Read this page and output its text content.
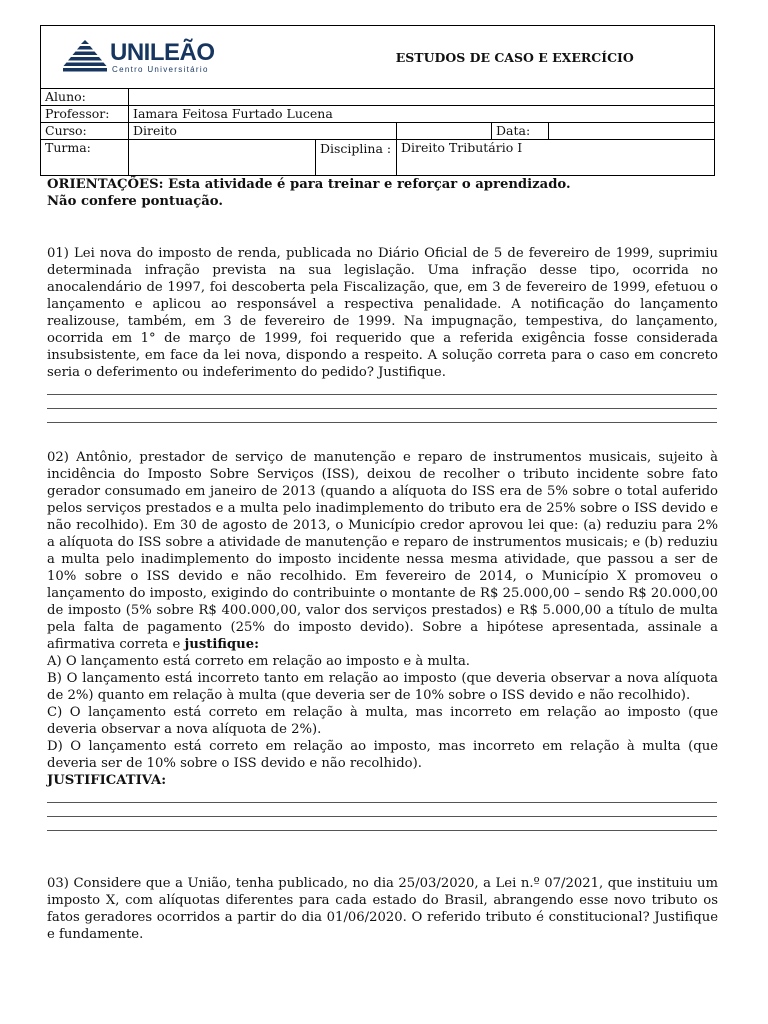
UNILEÃO
Centro Universitário		ESTUDOS DE CASO E EXERCÍCIO			
Aluno:					
Professor:	Iamara Feitosa Furtado Lucena				
Curso:	Direito			Data:	
Turma:		Disciplina :	Direito Tributário I		

ORIENTAÇÕES: Esta atividade é para treinar e reforçar o aprendizado.

Não confere pontuação.

01) Lei nova do imposto de renda, publicada no Diário Oficial de 5 de fevereiro de 1999, suprimiu determinada infração prevista na sua legislação. Uma infração desse tipo, ocorrida no anocalendário de 1997, foi descoberta pela Fiscalização, que, em 3 de fevereiro de 1999, efetuou o lançamento e aplicou ao responsável a respectiva penalidade. A notificação do lançamento realizouse, também, em 3 de fevereiro de 1999. Na impugnação, tempestiva, do lançamento, ocorrida em 1° de março de 1999, foi requerido que a referida exigência fosse considerada insubsistente, em face da lei nova, dispondo a respeito. A solução correta para o caso em concreto seria o deferimento ou indeferimento do pedido? Justifique.

02) Antônio, prestador de serviço de manutenção e reparo de instrumentos musicais, sujeito à incidência do Imposto Sobre Serviços (ISS), deixou de recolher o tributo incidente sobre fato gerador consumado em janeiro de 2013 (quando a alíquota do ISS era de 5% sobre o total auferido pelos serviços prestados e a multa pelo inadimplemento do tributo era de 25% sobre o ISS devido e não recolhido). Em 30 de agosto de 2013, o Município credor aprovou lei que: (a) reduziu para 2% a alíquota do ISS sobre a atividade de manutenção e reparo de instrumentos musicais; e (b) reduziu a multa pelo inadimplemento do imposto incidente nessa mesma atividade, que passou a ser de 10% sobre o ISS devido e não recolhido. Em fevereiro de 2014, o Município X promoveu o lançamento do imposto, exigindo do contribuinte o montante de R$ 25.000,00 – sendo R$ 20.000,00 de imposto (5% sobre R$ 400.000,00, valor dos serviços prestados) e R$ 5.000,00 a título de multa pela falta de pagamento (25% do imposto devido). Sobre a hipótese apresentada, assinale a afirmativa correta e justifique:

A) O lançamento está correto em relação ao imposto e à multa.

B) O lançamento está incorreto tanto em relação ao imposto (que deveria observar a nova alíquota de 2%) quanto em relação à multa (que deveria ser de 10% sobre o ISS devido e não recolhido).

C) O lançamento está correto em relação à multa, mas incorreto em relação ao imposto (que deveria observar a nova alíquota de 2%).

D) O lançamento está correto em relação ao imposto, mas incorreto em relação à multa (que deveria ser de 10% sobre o ISS devido e não recolhido).

JUSTIFICATIVA:

03) Considere que a União, tenha publicado, no dia 25/03/2020, a Lei n.º 07/2021, que instituiu um imposto X, com alíquotas diferentes para cada estado do Brasil, abrangendo esse novo tributo os fatos geradores ocorridos a partir do dia 01/06/2020. O referido tributo é constitucional? Justifique e fundamente.
